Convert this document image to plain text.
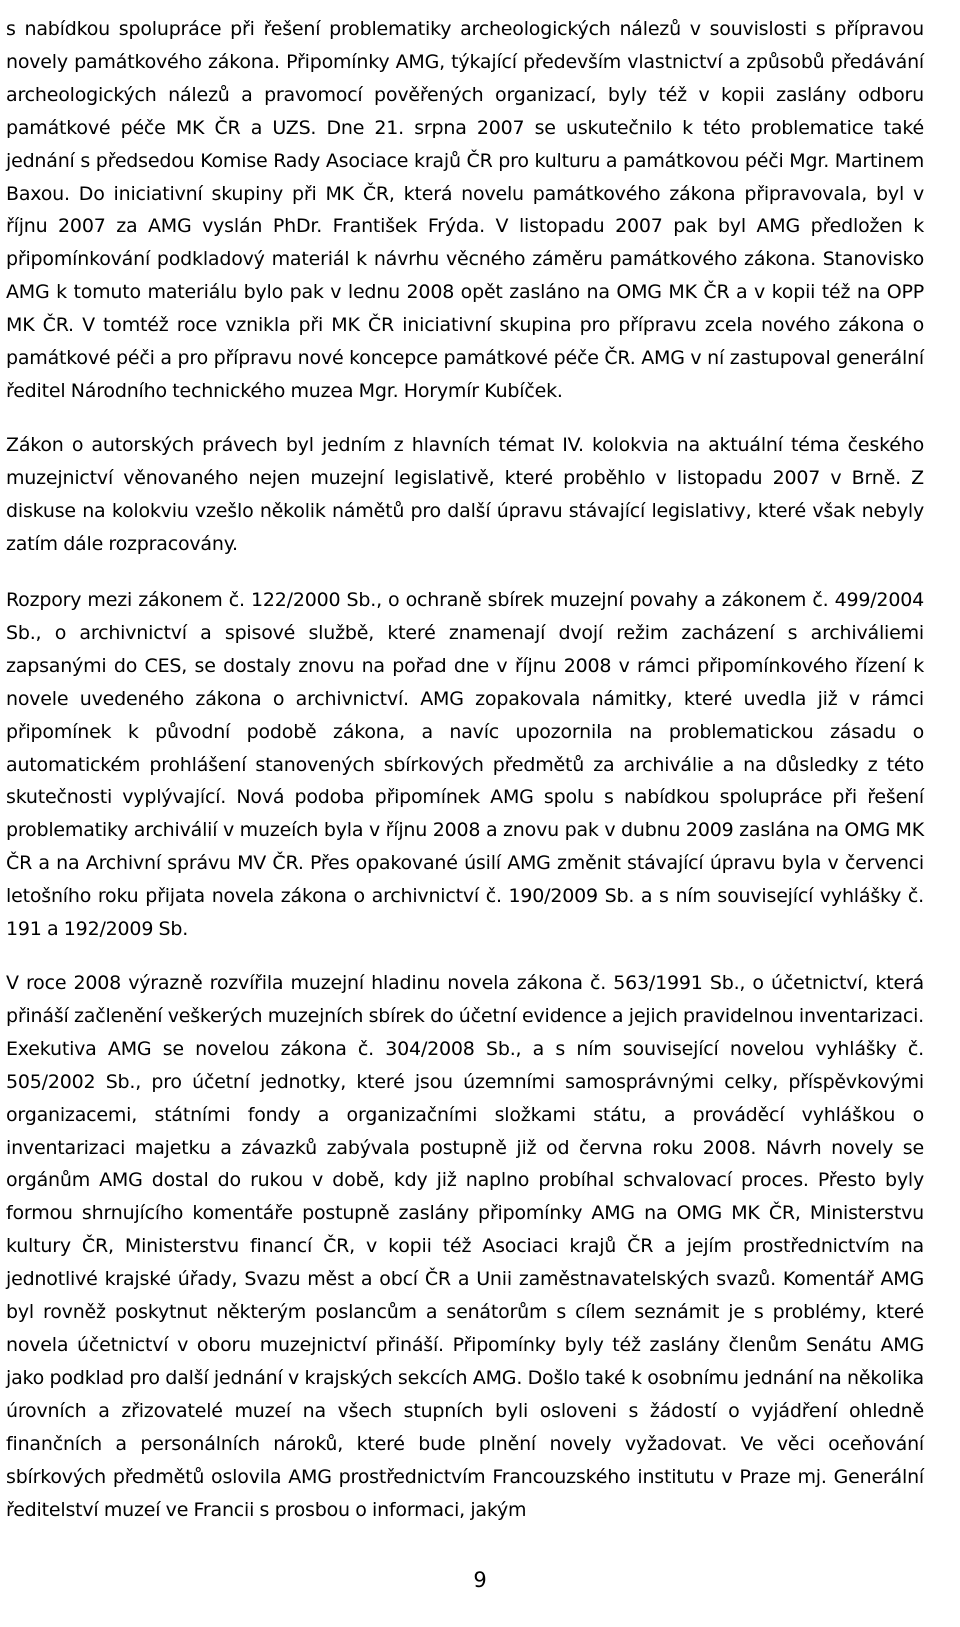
s nabídkou spolupráce při řešení problematiky archeologických nálezů v souvislosti s přípravou novely památkového zákona. Připomínky AMG, týkající především vlastnictví a způsobů předávání archeologických nálezů a pravomocí pověřených organizací, byly též v kopii zaslány odboru památkové péče MK ČR a UZS. Dne 21. srpna 2007 se uskutečnilo k této problematice také jednání s předsedou Komise Rady Asociace krajů ČR pro kulturu a památkovou péči Mgr. Martinem Baxou. Do iniciativní skupiny při MK ČR, která novelu památkového zákona připravovala, byl v říjnu 2007 za AMG vyslán PhDr. František Frýda. V listopadu 2007 pak byl AMG předložen k připomínkování podkladový materiál k návrhu věcného záměru památkového zákona. Stanovisko AMG k tomuto materiálu bylo pak v lednu 2008 opět zasláno na OMG MK ČR a v kopii též na OPP MK ČR. V tomtéž roce vznikla při MK ČR iniciativní skupina pro přípravu zcela nového zákona o památkové péči a pro přípravu nové koncepce památkové péče ČR. AMG v ní zastupoval generální ředitel Národního technického muzea Mgr. Horymír Kubíček.

Zákon o autorských právech byl jedním z hlavních témat IV. kolokvia na aktuální téma českého muzejnictví věnovaného nejen muzejní legislativě, které proběhlo v listopadu 2007 v Brně. Z diskuse na kolokviu vzešlo několik námětů pro další úpravu stávající legislativy, které však nebyly zatím dále rozpracovány.

Rozpory mezi zákonem č. 122/2000 Sb., o ochraně sbírek muzejní povahy a zákonem č. 499/2004 Sb., o archivnictví a spisové službě, které znamenají dvojí režim zacházení s archiváliemi zapsanými do CES, se dostaly znovu na pořad dne v říjnu 2008 v rámci připomínkového řízení k novele uvedeného zákona o archivnictví. AMG zopakovala námitky, které uvedla již v rámci připomínek k původní podobě zákona, a navíc upozornila na problematickou zásadu o automatickém prohlášení stanovených sbírkových předmětů za archiválie a na důsledky z této skutečnosti vyplývající. Nová podoba připomínek AMG spolu s nabídkou spolupráce při řešení problematiky archiválií v muzeích byla v říjnu 2008 a znovu pak v dubnu 2009 zaslána na OMG MK ČR a na Archivní správu MV ČR. Přes opakované úsilí AMG změnit stávající úpravu byla v červenci letošního roku přijata novela zákona o archivnictví č. 190/2009 Sb. a s ním související vyhlášky č. 191 a 192/2009 Sb.

V roce 2008 výrazně rozvířila muzejní hladinu novela zákona č. 563/1991 Sb., o účetnictví, která přináší začlenění veškerých muzejních sbírek do účetní evidence a jejich pravidelnou inventarizaci. Exekutiva AMG se novelou zákona č. 304/2008 Sb., a s ním související novelou vyhlášky č. 505/2002 Sb., pro účetní jednotky, které jsou územními samosprávnými celky, příspěvkovými organizacemi, státními fondy a organizačními složkami státu, a prováděcí vyhláškou o inventarizaci majetku a závazků zabývala postupně již od června roku 2008. Návrh novely se orgánům AMG dostal do rukou v době, kdy již naplno probíhal schvalovací proces. Přesto byly formou shrnujícího komentáře postupně zaslány připomínky AMG na OMG MK ČR, Ministerstvu kultury ČR, Ministerstvu financí ČR, v kopii též Asociaci krajů ČR a jejím prostřednictvím na jednotlivé krajské úřady, Svazu měst a obcí ČR a Unii zaměstnavatelských svazů. Komentář AMG byl rovněž poskytnut některým poslancům a senátorům s cílem seznámit je s problémy, které novela účetnictví v oboru muzejnictví přináší. Připomínky byly též zaslány členům Senátu AMG jako podklad pro další jednání v krajských sekcích AMG. Došlo také k osobnímu jednání na několika úrovních a zřizovatelé muzeí na všech stupních byli osloveni s žádostí o vyjádření ohledně finančních a personálních nároků, které bude plnění novely vyžadovat. Ve věci oceňování sbírkových předmětů oslovila AMG prostřednictvím Francouzského institutu v Praze mj. Generální ředitelství muzeí ve Francii s prosbou o informaci, jakým

9
